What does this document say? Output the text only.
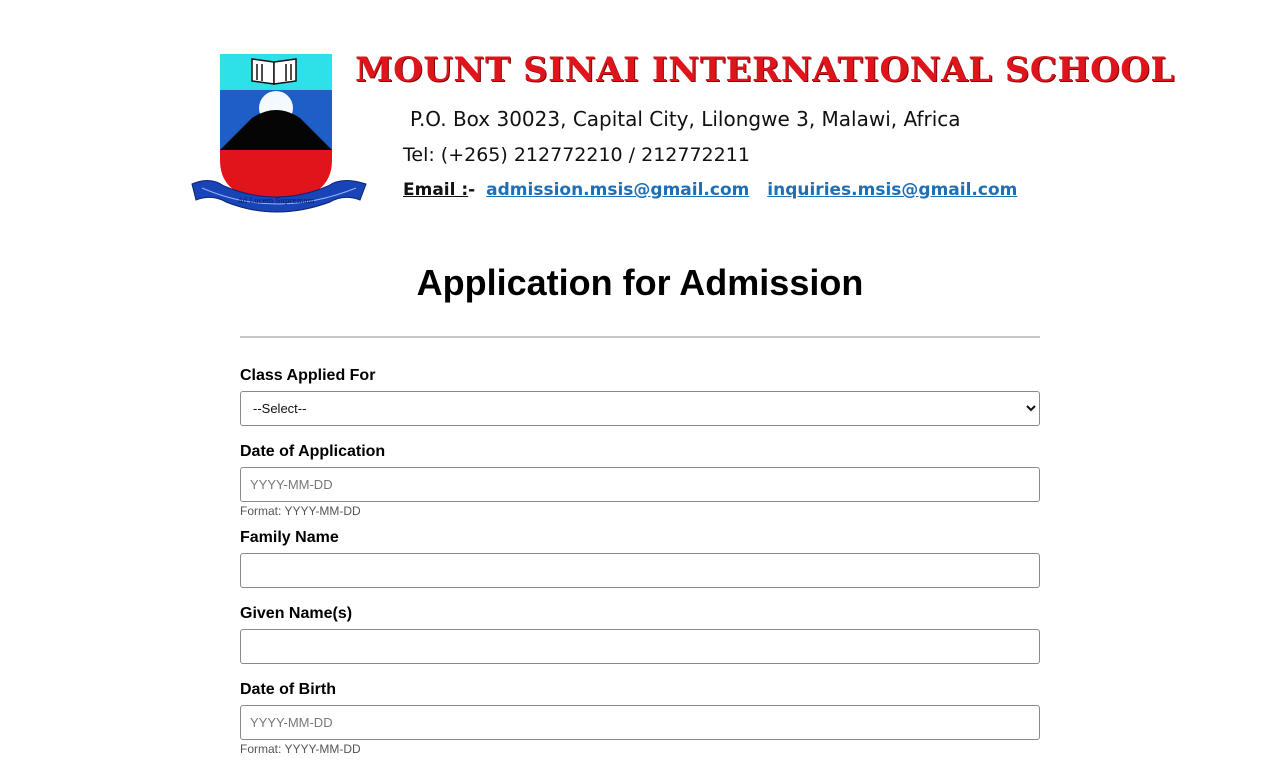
Ad Lucem Supremam
MOUNT SINAI INTERNATIONAL SCHOOL
P.O. Box 30023, Capital City, Lilongwe 3, Malawi, Africa
Tel: (+265) 212772210 / 212772211
Email :- admission.msis@gmail.com inquiries.msis@gmail.com
Application for Admission
Class Applied For
--Select--
Date of Application
YYYY-MM-DD
Format: YYYY-MM-DD
Family Name
Given Name(s)
Date of Birth
YYYY-MM-DD
Format: YYYY-MM-DD
